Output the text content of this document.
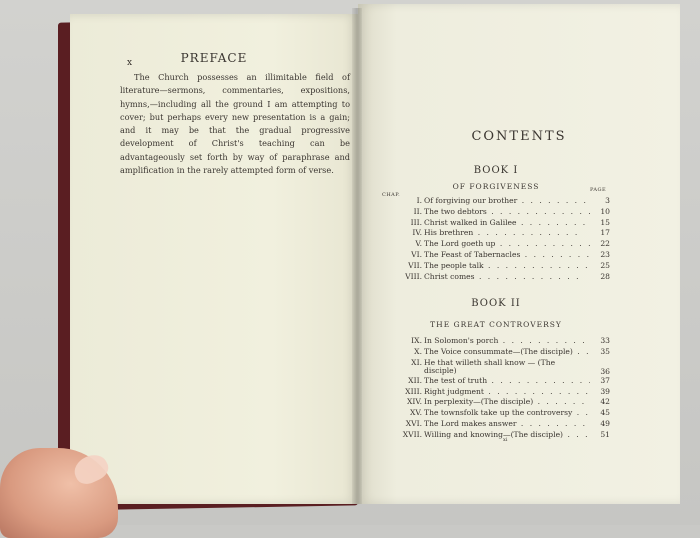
x	PREFACE
The Church possesses an illimitable field of literature—sermons, commentaries, expositions, hymns,—including all the ground I am attempting to cover; but perhaps every new presentation is a gain; and it may be that the gradual progressive development of Christ's teaching can be advantageously set forth by way of paraphrase and amplification in the rarely attempted form of verse.
CONTENTS
BOOK I
OF FORGIVENESS
CHAP.
PAGE
I. Of forgiving our brother . .	3
II. The two debtors . .	10
III. Christ walked in Galilee . .	15
IV. His brethren . .	17
V. The Lord goeth up . .	22
VI. The Feast of Tabernacles . .	23
VII. The people talk . .	25
VIII. Christ comes . .	28
BOOK II
THE GREAT CONTROVERSY
IX. In Solomon's porch . .	33
X. The Voice consummate—(The disciple) . .	35
XI. He that willeth shall know — (The disciple)	36
XII. The test of truth . .	37
XIII. Right judgment . .	39
XIV. In perplexity—(The disciple) . .	42
XV. The townsfolk take up the controversy . .	45
XVI. The Lord makes answer . .	49
XVII. Willing and knowing—(The disciple) . .	51
xi
